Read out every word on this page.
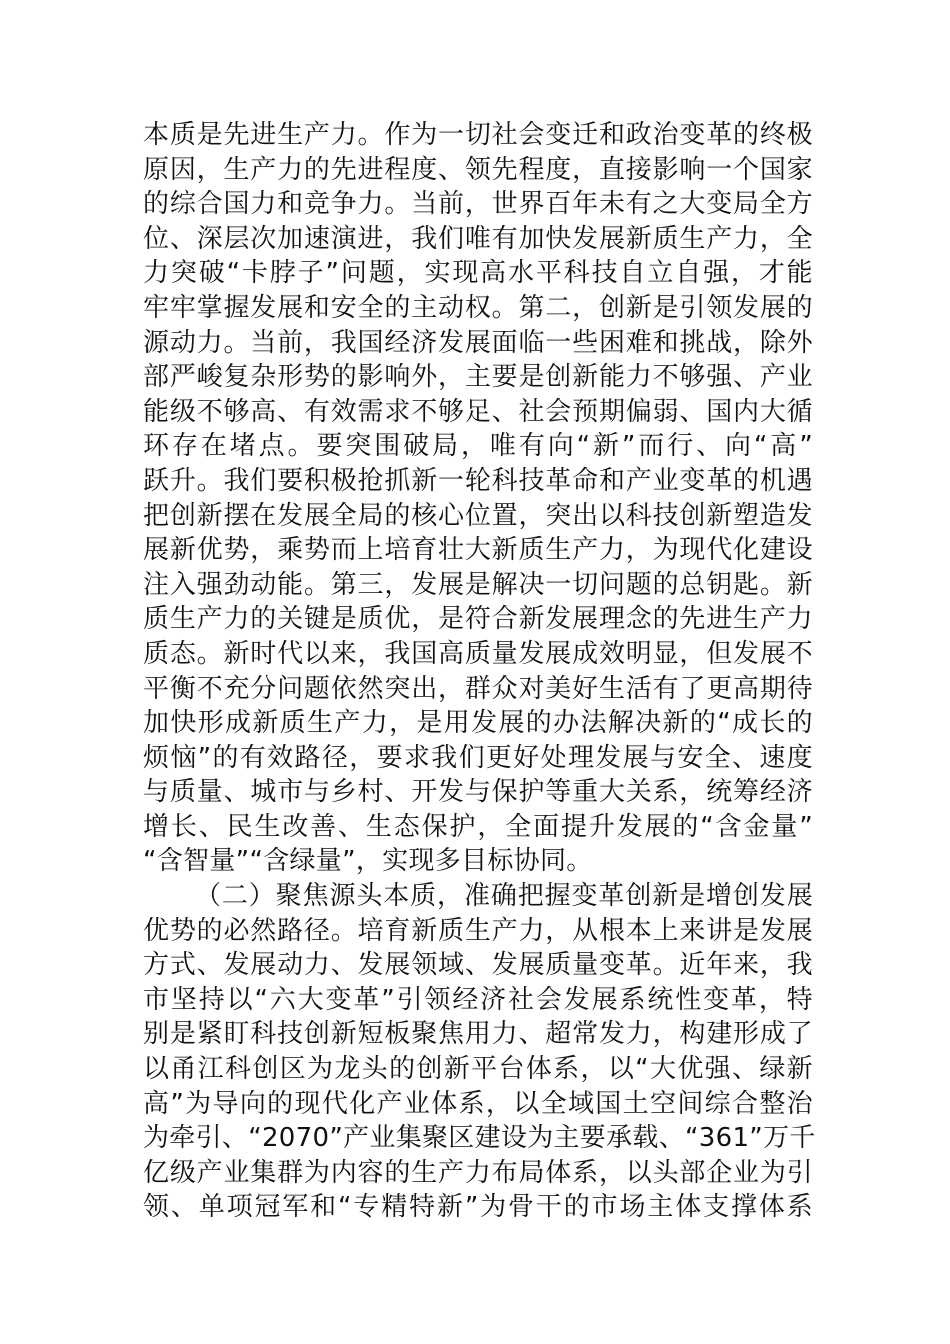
本质是先进生产力。作为一切社会变迁和政治变革的终极
原因，生产力的先进程度、领先程度，直接影响一个国家
的综合国力和竞争力。当前，世界百年未有之大变局全方
位、深层次加速演进，我们唯有加快发展新质生产力，全
力突破“卡脖子”问题，实现高水平科技自立自强，才能
牢牢掌握发展和安全的主动权。第二，创新是引领发展的
源动力。当前，我国经济发展面临一些困难和挑战，除外
部严峻复杂形势的影响外，主要是创新能力不够强、产业
能级不够高、有效需求不够足、社会预期偏弱、国内大循
环存在堵点。要突围破局，唯有向“新”而行、向“高”
跃升。我们要积极抢抓新一轮科技革命和产业变革的机遇
把创新摆在发展全局的核心位置，突出以科技创新塑造发
展新优势，乘势而上培育壮大新质生产力，为现代化建设
注入强劲动能。第三，发展是解决一切问题的总钥匙。新
质生产力的关键是质优，是符合新发展理念的先进生产力
质态。新时代以来，我国高质量发展成效明显，但发展不
平衡不充分问题依然突出，群众对美好生活有了更高期待
加快形成新质生产力，是用发展的办法解决新的“成长的
烦恼”的有效路径，要求我们更好处理发展与安全、速度
与质量、城市与乡村、开发与保护等重大关系，统筹经济
增长、民生改善、生态保护，全面提升发展的“含金量”
“含智量”“含绿量”，实现多目标协同。
（二）聚焦源头本质，准确把握变革创新是增创发展
优势的必然路径。培育新质生产力，从根本上来讲是发展
方式、发展动力、发展领域、发展质量变革。近年来，我
市坚持以“六大变革”引领经济社会发展系统性变革，特
别是紧盯科技创新短板聚焦用力、超常发力，构建形成了
以甬江科创区为龙头的创新平台体系，以“大优强、绿新
高”为导向的现代化产业体系，以全域国土空间综合整治
为牵引、“2070”产业集聚区建设为主要承载、“361”万千
亿级产业集群为内容的生产力布局体系，以头部企业为引
领、单项冠军和“专精特新”为骨干的市场主体支撑体系
